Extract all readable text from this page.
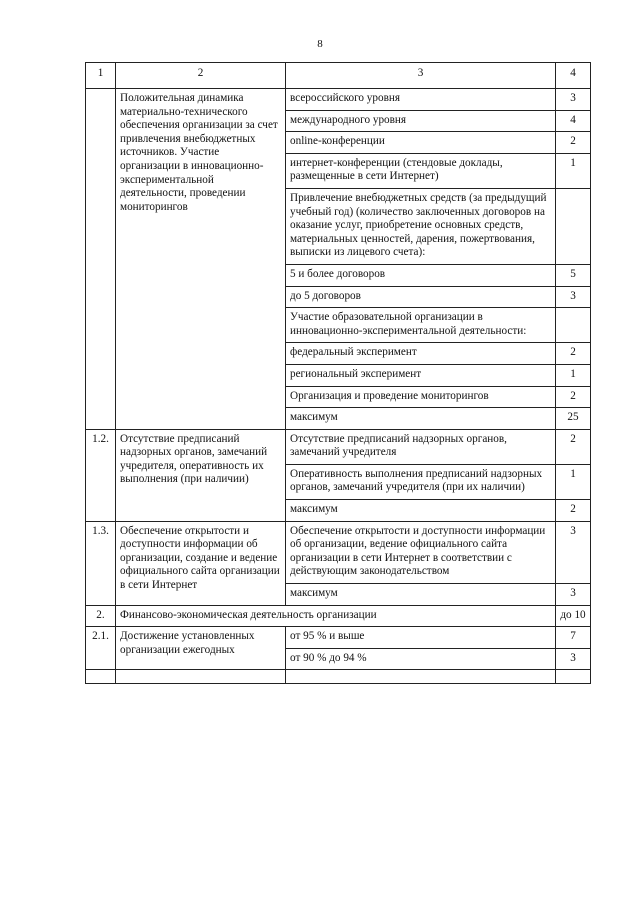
8
1	2	3	4
	Положительная динамика материально-технического обеспечения организации за счет привлечения внебюджетных источников. Участие организации в инновационно-экспериментальной деятельности, проведении мониторингов	всероссийского уровня	3
		международного уровня	4
		online-конференции	2
		интернет-конференции (стендовые доклады, размещенные в сети Интернет)	1
		Привлечение внебюджетных средств (за предыдущий учебный год) (количество заключенных договоров на оказание услуг, приобретение основных средств, материальных ценностей, дарения, пожертвования, выписки из лицевого счета):	
		5 и более договоров	5
		до 5 договоров	3
		Участие образовательной организации в инновационно-экспериментальной деятельности:	
		федеральный эксперимент	2
		региональный эксперимент	1
		Организация и проведение мониторингов	2
		максимум	25
1.2.	Отсутствие предписаний надзорных органов, замечаний учредителя, оперативность их выполнения (при наличии)	Отсутствие предписаний надзорных органов, замечаний учредителя	2
		Оперативность выполнения предписаний надзорных органов, замечаний учредителя (при их наличии)	1
		максимум	2
1.3.	Обеспечение открытости и доступности информации об организации, создание и ведение официального сайта организации в сети Интернет	Обеспечение открытости и доступности информации об организации, ведение официального сайта организации в сети Интернет в соответствии с действующим законодательством	3
		максимум	3
2.	Финансово-экономическая деятельность организации		до 10
2.1.	Достижение установленных организации ежегодных	от 95 % и выше	7
		от 90 % до 94 %	3
